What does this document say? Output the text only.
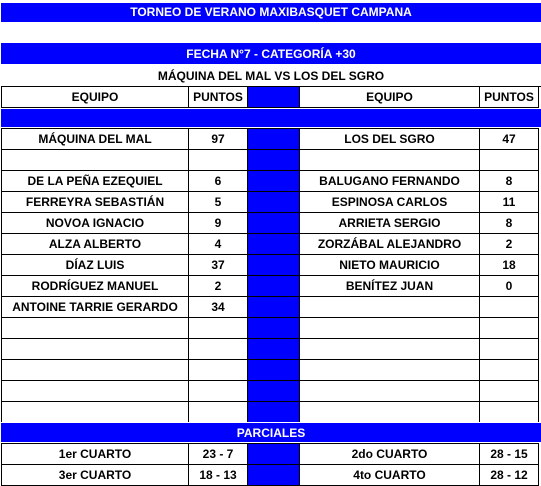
TORNEO DE VERANO MAXIBASQUET CAMPANA
FECHA N°7 - CATEGORÍA +30
MÁQUINA DEL MAL VS LOS DEL SGRO
EQUIPO	PUNTOS		EQUIPO	PUNTOS
MÁQUINA DEL MAL	97		LOS DEL SGRO	47

DE LA PEÑA EZEQUIEL	6		BALUGANO FERNANDO	8
FERREYRA SEBASTIÁN	5		ESPINOSA CARLOS	11
NOVOA IGNACIO	9		ARRIETA SERGIO	8
ALZA ALBERTO	4		ZORZÁBAL ALEJANDRO	2
DÍAZ LUIS	37		NIETO MAURICIO	18
RODRÍGUEZ MANUEL	2		BENÍTEZ JUAN	0
ANTOINE TARRIE GERARDO	34			

PARCIALES
1er CUARTO	23 - 7		2do CUARTO	28 - 15
3er CUARTO	18 - 13		4to CUARTO	28 - 12
